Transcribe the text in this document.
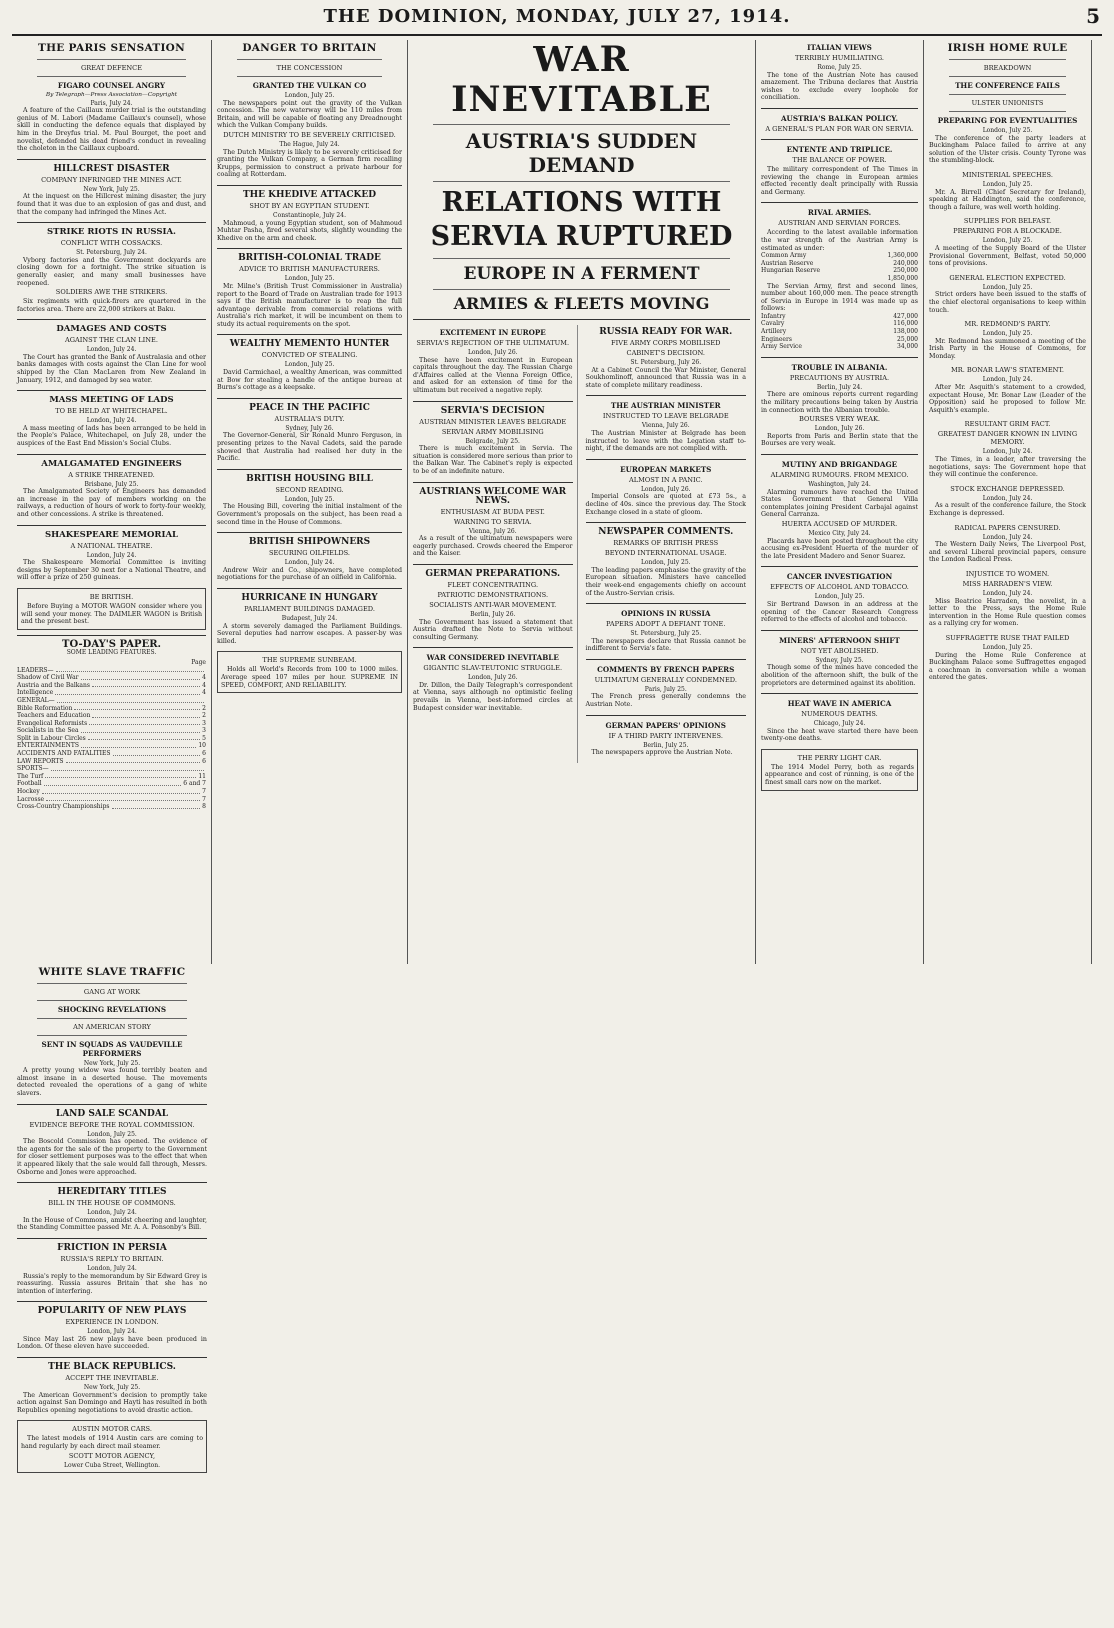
THE DOMINION, MONDAY, JULY 27, 1914.	5
THE PARIS SENSATION
GREAT DEFENCE
FIGARO COUNSEL ANGRY
By Telegraph—Press Association—Copyright
Paris, July 24.
A feature of the Caillaux murder trial is the outstanding genius of M. Labori (Madame Caillaux's counsel), whose skill in conducting the defence equals that displayed by him in the Dreyfus trial. M. Paul Bourget, the poet and novelist, defended his dead friend's conduct in revealing the choleton in the Caillaux cupboard.
HILLCREST DISASTER
COMPANY INFRINGED THE MINES ACT.
New York, July 25.
At the inquest on the Hillcrest mining disaster, the jury found that it was due to an explosion of gas and dust, and that the company had infringed the Mines Act.
STRIKE RIOTS IN RUSSIA.
CONFLICT WITH COSSACKS.
St. Petersburg, July 24.
Vyborg factories and the Government dockyards are closing down for a fortnight. The strike situation is generally easier, and many small businesses have reopened.
SOLDIERS AWE THE STRIKERS.
Six regiments with quick-firers are quartered in the factories area. There are 22,000 strikers at Baku.
DAMAGES AND COSTS
AGAINST THE CLAN LINE.
London, July 24.
The Court has granted the Bank of Australasia and other banks damages with costs against the Clan Line for wool shipped by the Clan MacLaren from New Zealand in January, 1912, and damaged by sea water.
MASS MEETING OF LADS
TO BE HELD AT WHITECHAPEL.
London, July 24.
A mass meeting of lads has been arranged to be held in the People's Palace, Whitechapel, on July 28, under the auspices of the East End Mission's Social Clubs.
AMALGAMATED ENGINEERS
A STRIKE THREATENED.
Brisbane, July 25.
The Amalgamated Society of Engineers has demanded an increase in the pay of members working on the railways, a reduction of hours of work to forty-four weekly, and other concessions. A strike is threatened.
SHAKESPEARE MEMORIAL
A NATIONAL THEATRE.
London, July 24.
The Shakespeare Memorial Committee is inviting designs by September 30 next for a National Theatre, and will offer a prize of 250 guineas.
BE BRITISH.
Before Buying a MOTOR WAGON consider where you will send your money. The DAIMLER WAGON is British and the present best.
TO-DAY'S PAPER.
SOME LEADING FEATURES.
Page
LEADERS—
Shadow of Civil War	4
Austria and the Balkans	4
Intelligence	4
GENERAL—
Bible Reformation	2
Teachers and Education	2
Evangelical Reformists	3
Socialists in the Sea	3
Split in Labour Circles	5
ENTERTAINMENTS	10
ACCIDENTS AND FATALITIES	6
LAW REPORTS	6
SPORTS—
The Turf	11
Football	6 and 7
Hockey	7
Lacrosse	7
Cross-Country Championships	8
DANGER TO BRITAIN
THE CONCESSION
GRANTED THE VULKAN CO
London, July 25.
The newspapers point out the gravity of the Vulkan concession. The new waterway will be 110 miles from Britain, and will be capable of floating any Dreadnought which the Vulkan Company builds.
DUTCH MINISTRY TO BE SEVERELY CRITICISED.
The Hague, July 24.
The Dutch Ministry is likely to be severely criticised for granting the Vulkan Company, a German firm recalling Krupps, permission to construct a private harbour for coaling at Rotterdam.
THE KHEDIVE ATTACKED
SHOT BY AN EGYPTIAN STUDENT.
Constantinople, July 24.
Mahmoud, a young Egyptian student, son of Mahmoud Muhtar Pasha, fired several shots, slightly wounding the Khedive on the arm and cheek.
BRITISH-COLONIAL TRADE
ADVICE TO BRITISH MANUFACTURERS.
London, July 25.
Mr. Milne's (British Trust Commissioner in Australia) report to the Board of Trade on Australian trade for 1913 says if the British manufacturer is to reap the full advantage derivable from commercial relations with Australia's rich market, it will be incumbent on them to study its actual requirements on the spot.
WEALTHY MEMENTO HUNTER
CONVICTED OF STEALING.
London, July 25.
David Carmichael, a wealthy American, was committed at Bow for stealing a handle of the antique bureau at Burns's cottage as a keepsake.
PEACE IN THE PACIFIC
AUSTRALIA'S DUTY.
Sydney, July 26.
The Governor-General, Sir Ronald Munro Ferguson, in presenting prizes to the Naval Cadets, said the parade showed that Australia had realised her duty in the Pacific.
BRITISH HOUSING BILL
SECOND READING.
London, July 25.
The Housing Bill, covering the initial instalment of the Government's proposals on the subject, has been read a second time in the House of Commons.
BRITISH SHIPOWNERS
SECURING OILFIELDS.
London, July 24.
Andrew Weir and Co., shipowners, have completed negotiations for the purchase of an oilfield in California.
HURRICANE IN HUNGARY
PARLIAMENT BUILDINGS DAMAGED.
Budapest, July 24.
A storm severely damaged the Parliament Buildings. Several deputies had narrow escapes. A passer-by was killed.
THE SUPREME SUNBEAM.
Holds all World's Records from 100 to 1000 miles. Average speed 107 miles per hour. SUPREME IN SPEED, COMFORT, AND RELIABILITY.
WAR INEVITABLE
AUSTRIA'S SUDDEN DEMAND
RELATIONS WITH SERVIA RUPTURED
EUROPE IN A FERMENT
ARMIES & FLEETS MOVING
EXCITEMENT IN EUROPE
SERVIA'S REJECTION OF THE ULTIMATUM.
London, July 26.
These have been excitement in European capitals throughout the day. The Russian Charge d'Affaires called at the Vienna Foreign Office, and asked for an extension of time for the ultimatum but received a negative reply.
SERVIA'S DECISION
AUSTRIAN MINISTER LEAVES BELGRADE
SERVIAN ARMY MOBILISING
Belgrade, July 25.
There is much excitement in Servia. The situation is considered more serious than prior to the Balkan War. The Cabinet's reply is expected to be of an indefinite nature.
AUSTRIANS WELCOME WAR NEWS.
ENTHUSIASM AT BUDA PEST.
WARNING TO SERVIA.
Vienna, July 26.
As a result of the ultimatum newspapers were eagerly purchased. Crowds cheered the Emperor and the Kaiser.
GERMAN PREPARATIONS.
FLEET CONCENTRATING.
PATRIOTIC DEMONSTRATIONS.
SOCIALISTS ANTI-WAR MOVEMENT.
Berlin, July 26.
The Government has issued a statement that Austria drafted the Note to Servia without consulting Germany.
WAR CONSIDERED INEVITABLE
GIGANTIC SLAV-TEUTONIC STRUGGLE.
London, July 26.
Dr. Dillon, the Daily Telegraph's correspondent at Vienna, says although no optimistic feeling prevails in Vienna, best-informed circles at Budapest consider war inevitable.
RUSSIA READY FOR WAR.
FIVE ARMY CORPS MOBILISED
CABINET'S DECISION.
St. Petersburg, July 26.
At a Cabinet Council the War Minister, General Soukhomlinoff, announced that Russia was in a state of complete military readiness.
THE AUSTRIAN MINISTER
INSTRUCTED TO LEAVE BELGRADE
Vienna, July 26.
The Austrian Minister at Belgrade has been instructed to leave with the Legation staff to-night, if the demands are not complied with.
EUROPEAN MARKETS
ALMOST IN A PANIC.
London, July 26.
Imperial Consols are quoted at £73 5s., a decline of 40s. since the previous day. The Stock Exchange closed in a state of gloom.
NEWSPAPER COMMENTS.
REMARKS OF BRITISH PRESS
BEYOND INTERNATIONAL USAGE.
London, July 25.
The leading papers emphasise the gravity of the European situation. Ministers have cancelled their week-end engagements chiefly on account of the Austro-Servian crisis.
OPINIONS IN RUSSIA
PAPERS ADOPT A DEFIANT TONE.
St. Petersburg, July 25.
The newspapers declare that Russia cannot be indifferent to Servia's fate.
COMMENTS BY FRENCH PAPERS
ULTIMATUM GENERALLY CONDEMNED.
Paris, July 25.
The French press generally condemns the Austrian Note.
GERMAN PAPERS' OPINIONS
IF A THIRD PARTY INTERVENES.
Berlin, July 25.
The newspapers approve the Austrian Note.
ITALIAN VIEWS
TERRIBLY HUMILIATING.
Rome, July 25.
The tone of the Austrian Note has caused amazement. The Tribuna declares that Austria wishes to exclude every loophole for conciliation.
AUSTRIA'S BALKAN POLICY.
A GENERAL'S PLAN FOR WAR ON SERVIA.
ENTENTE AND TRIPLICE.
THE BALANCE OF POWER.
The military correspondent of The Times in reviewing the change in European armies effected recently dealt principally with Russia and Germany.
RIVAL ARMIES.
AUSTRIAN AND SERVIAN FORCES.
According to the latest available information the war strength of the Austrian Army is estimated as under:
Common Army	1,360,000
Austrian Reserve	240,000
Hungarian Reserve	250,000
	1,850,000
The Servian Army, first and second lines, number about 160,000 men. The peace strength of Servia in Europe in 1914 was made up as follows:
Infantry	427,000
Cavalry	116,000
Artillery	138,000
Engineers	25,000
Army Service	34,000
TROUBLE IN ALBANIA.
PRECAUTIONS BY AUSTRIA.
Berlin, July 24.
There are ominous reports current regarding the military precautions being taken by Austria in connection with the Albanian trouble.
BOURSES VERY WEAK.
London, July 26.
Reports from Paris and Berlin state that the Bourses are very weak.
MUTINY AND BRIGANDAGE
ALARMING RUMOURS. FROM MEXICO.
Washington, July 24.
Alarming rumours have reached the United States Government that General Villa contemplates joining President Carbajal against General Carranza.
HUERTA ACCUSED OF MURDER.
Mexico City, July 24.
Placards have been posted throughout the city accusing ex-President Huerta of the murder of the late President Madero and Senor Suarez.
CANCER INVESTIGATION
EFFECTS OF ALCOHOL AND TOBACCO.
London, July 25.
Sir Bertrand Dawson in an address at the opening of the Cancer Research Congress referred to the effects of alcohol and tobacco.
MINERS' AFTERNOON SHIFT
NOT YET ABOLISHED.
Sydney, July 25.
Though some of the mines have conceded the abolition of the afternoon shift, the bulk of the proprietors are determined against its abolition.
HEAT WAVE IN AMERICA
NUMEROUS DEATHS.
Chicago, July 24.
Since the heat wave started there have been twenty-one deaths.
THE PERRY LIGHT CAR.
The 1914 Model Perry, both as regards appearance and cost of running, is one of the finest small cars now on the market.
IRISH HOME RULE
BREAKDOWN
THE CONFERENCE FAILS
ULSTER UNIONISTS
PREPARING FOR EVENTUALITIES
London, July 25.
The conference of the party leaders at Buckingham Palace failed to arrive at any solution of the Ulster crisis. County Tyrone was the stumbling-block.
MINISTERIAL SPEECHES.
London, July 25.
Mr. A. Birrell (Chief Secretary for Ireland), speaking at Haddington, said the conference, though a failure, was well worth holding.
SUPPLIES FOR BELFAST.
PREPARING FOR A BLOCKADE.
London, July 25.
A meeting of the Supply Board of the Ulster Provisional Government, Belfast, voted 50,000 tons of provisions.
GENERAL ELECTION EXPECTED.
London, July 25.
Strict orders have been issued to the staffs of the chief electoral organisations to keep within touch.
MR. REDMOND'S PARTY.
London, July 25.
Mr. Redmond has summoned a meeting of the Irish Party in the House of Commons, for Monday.
MR. BONAR LAW'S STATEMENT.
London, July 24.
After Mr. Asquith's statement to a crowded, expectant House, Mr. Bonar Law (Leader of the Opposition) said he proposed to follow Mr. Asquith's example.
RESULTANT GRIM FACT.
GREATEST DANGER KNOWN IN LIVING MEMORY.
London, July 24.
The Times, in a leader, after traversing the negotiations, says: The Government hope that they will continue the conference.
STOCK EXCHANGE DEPRESSED.
London, July 24.
As a result of the conference failure, the Stock Exchange is depressed.
RADICAL PAPERS CENSURED.
London, July 24.
The Western Daily News, The Liverpool Post, and several Liberal provincial papers, censure the London Radical Press.
INJUSTICE TO WOMEN.
MISS HARRADEN'S VIEW.
London, July 24.
Miss Beatrice Harraden, the novelist, in a letter to the Press, says the Home Rule intervention in the Home Rule question comes as a rallying cry for women.
SUFFRAGETTE RUSE THAT FAILED
London, July 25.
During the Home Rule Conference at Buckingham Palace some Suffragettes engaged a coachman in conversation while a woman entered the gates.
WHITE SLAVE TRAFFIC
GANG AT WORK
SHOCKING REVELATIONS
AN AMERICAN STORY
SENT IN SQUADS AS VAUDEVILLE PERFORMERS
New York, July 25.
A pretty young widow was found terribly beaten and almost insane in a deserted house. The movements detected revealed the operations of a gang of white slavers.
LAND SALE SCANDAL
EVIDENCE BEFORE THE ROYAL COMMISSION.
London, July 25.
The Boscold Commission has opened. The evidence of the agents for the sale of the property to the Government for closer settlement purposes was to the effect that when it appeared likely that the sale would fall through, Messrs. Osborne and Jones were approached.
HEREDITARY TITLES
BILL IN THE HOUSE OF COMMONS.
London, July 24.
In the House of Commons, amidst cheering and laughter, the Standing Committee passed Mr. A. A. Ponsonby's Bill.
FRICTION IN PERSIA
RUSSIA'S REPLY TO BRITAIN.
London, July 24.
Russia's reply to the memorandum by Sir Edward Grey is reassuring. Russia assures Britain that she has no intention of interfering.
POPULARITY OF NEW PLAYS
EXPERIENCE IN LONDON.
London, July 24.
Since May last 26 new plays have been produced in London. Of these eleven have succeeded.
THE BLACK REPUBLICS.
ACCEPT THE INEVITABLE.
New York, July 25.
The American Government's decision to promptly take action against San Domingo and Hayti has resulted in both Republics opening negotiations to avoid drastic action.
AUSTIN MOTOR CARS.
The latest models of 1914 Austin cars are coming to hand regularly by each direct mail steamer.
SCOTT MOTOR AGENCY,
Lower Cuba Street, Wellington.
